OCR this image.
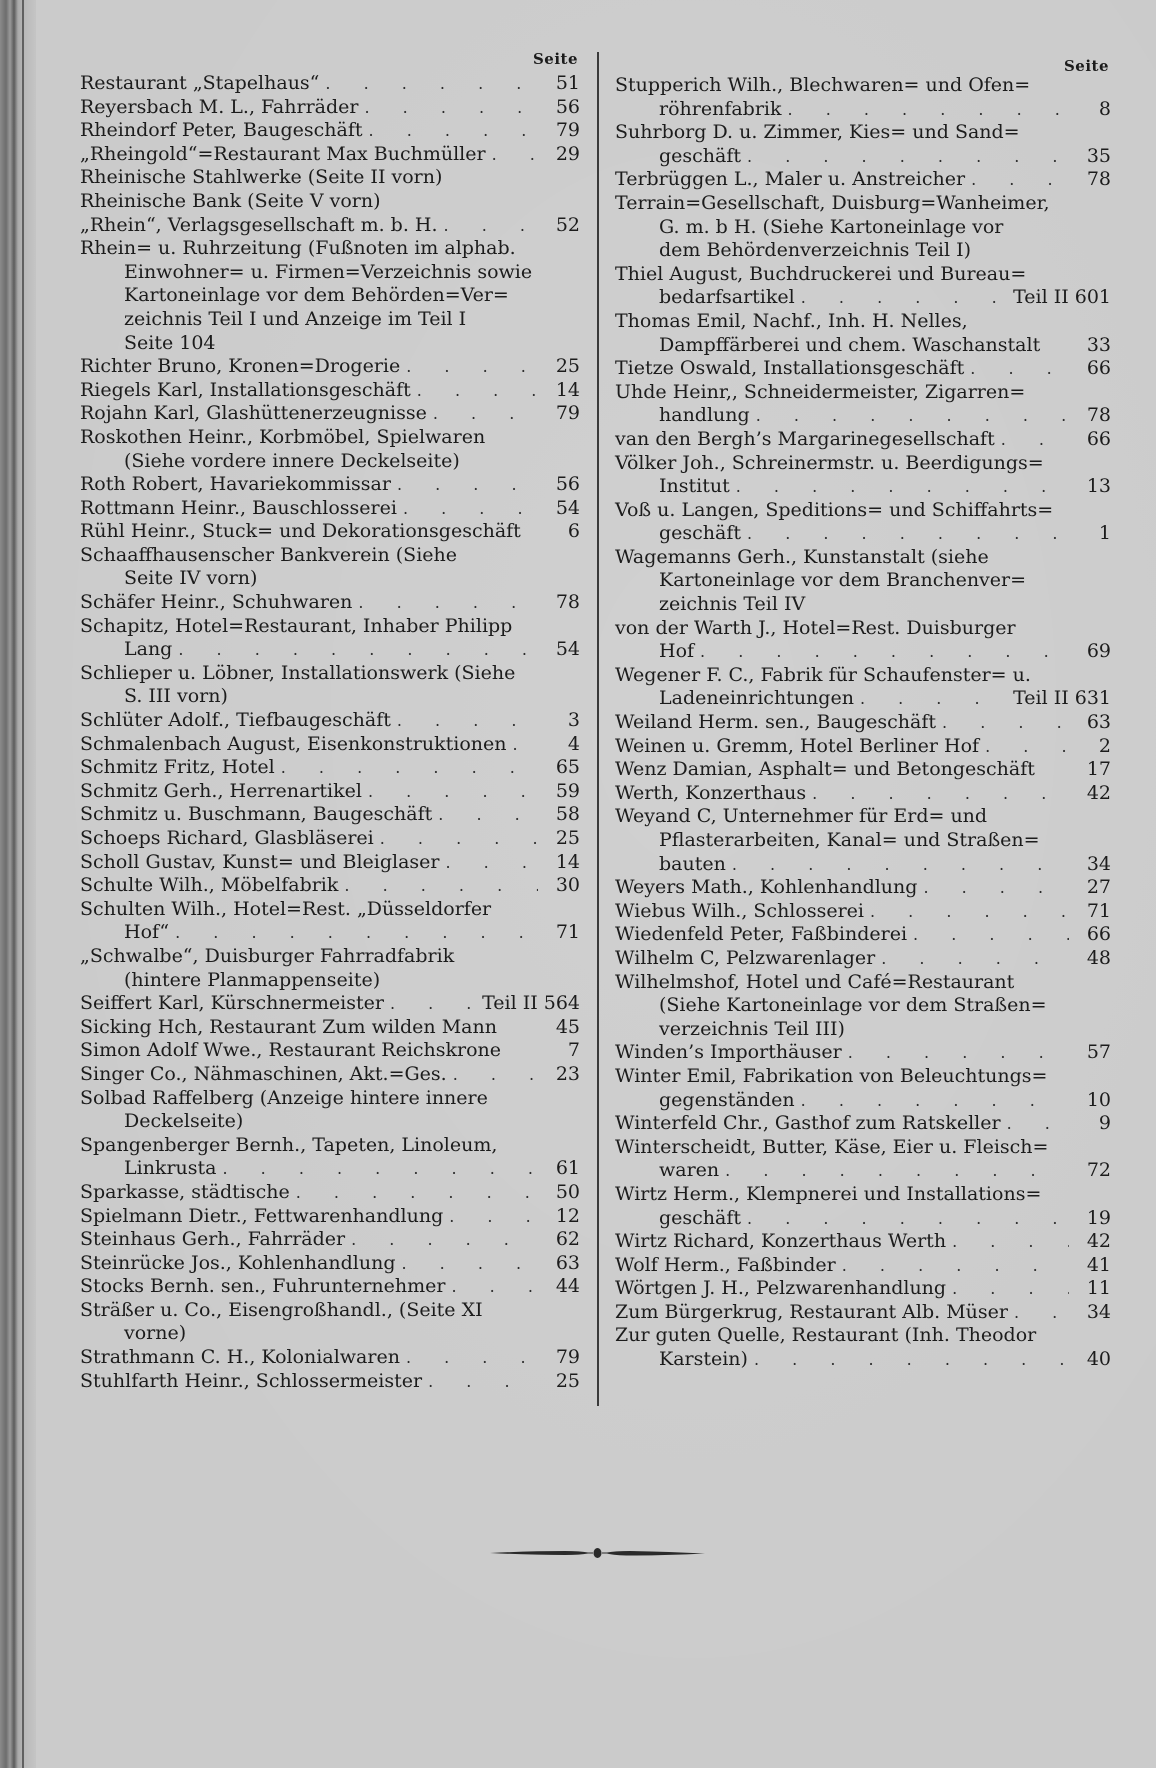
Seite
Restaurant „Stapelhaus“ . . .	51
Reyersbach M. L., Fahrräder . . .	56
Rheindorf Peter, Baugeschäft . . .	79
„Rheingold“=Restaurant Max Buchmüller . . .	29
Rheinische Stahlwerke (Seite II vorn)
Rheinische Bank (Seite V vorn)
„Rhein“, Verlagsgesellschaft m. b. H. . . .	52
Rhein= u. Ruhrzeitung (Fußnoten im alphab.
Einwohner= u. Firmen=Verzeichnis sowie
Kartoneinlage vor dem Behörden=Ver=
zeichnis Teil I und Anzeige im Teil I
Seite 104
Richter Bruno, Kronen=Drogerie . . .	25
Riegels Karl, Installationsgeschäft . . .	14
Rojahn Karl, Glashüttenerzeugnisse . . .	79
Roskothen Heinr., Korbmöbel, Spielwaren
(Siehe vordere innere Deckelseite)
Roth Robert, Havariekommissar . . .	56
Rottmann Heinr., Bauschlosserei . . .	54
Rühl Heinr., Stuck= und Dekorationsgeschäft	6
Schaaffhausenscher Bankverein (Siehe
Seite IV vorn)
Schäfer Heinr., Schuhwaren . . .	78
Schapitz, Hotel=Restaurant, Inhaber Philipp
Lang . . .	54
Schlieper u. Löbner, Installationswerk (Siehe
S. III vorn)
Schlüter Adolf., Tiefbaugeschäft . . .	3
Schmalenbach August, Eisenkonstruktionen . . .	4
Schmitz Fritz, Hotel . . .	65
Schmitz Gerh., Herrenartikel . . .	59
Schmitz u. Buschmann, Baugeschäft . . .	58
Schoeps Richard, Glasbläserei . . .	25
Scholl Gustav, Kunst= und Bleiglaser . . .	14
Schulte Wilh., Möbelfabrik . . .	30
Schulten Wilh., Hotel=Rest. „Düsseldorfer
Hof“ . . .	71
„Schwalbe“, Duisburger Fahrradfabrik
(hintere Planmappenseite)
Seiffert Karl, Kürschnermeister . . .	Teil II 564
Sicking Hch, Restaurant Zum wilden Mann	45
Simon Adolf Wwe., Restaurant Reichskrone	7
Singer Co., Nähmaschinen, Akt.=Ges. . . .	23
Solbad Raffelberg (Anzeige hintere innere
Deckelseite)
Spangenberger Bernh., Tapeten, Linoleum,
Linkrusta . . .	61
Sparkasse, städtische . . .	50
Spielmann Dietr., Fettwarenhandlung . . .	12
Steinhaus Gerh., Fahrräder . . .	62
Steinrücke Jos., Kohlenhandlung . . .	63
Stocks Bernh. sen., Fuhrunternehmer . . .	44
Sträßer u. Co., Eisengroßhandl., (Seite XI
vorne)
Strathmann C. H., Kolonialwaren . . .	79
Stuhlfarth Heinr., Schlossermeister . . .	25
Seite
Stupperich Wilh., Blechwaren= und Ofen=
röhrenfabrik . . .	8
Suhrborg D. u. Zimmer, Kies= und Sand=
geschäft . . .	35
Terbrüggen L., Maler u. Anstreicher . . .	78
Terrain=Gesellschaft, Duisburg=Wanheimer,
G. m. b H. (Siehe Kartoneinlage vor
dem Behördenverzeichnis Teil I)
Thiel August, Buchdruckerei und Bureau=
bedarfsartikel . . .	Teil II 601
Thomas Emil, Nachf., Inh. H. Nelles,
Dampffärberei und chem. Waschanstalt	33
Tietze Oswald, Installationsgeschäft . . .	66
Uhde Heinr,, Schneidermeister, Zigarren=
handlung . . .	78
van den Bergh’s Margarinegesellschaft . . .	66
Völker Joh., Schreinermstr. u. Beerdigungs=
Institut . . .	13
Voß u. Langen, Speditions= und Schiffahrts=
geschäft . . .	1
Wagemanns Gerh., Kunstanstalt (siehe
Kartoneinlage vor dem Branchenver=
zeichnis Teil IV
von der Warth J., Hotel=Rest. Duisburger
Hof . . .	69
Wegener F. C., Fabrik für Schaufenster= u.
Ladeneinrichtungen . . .	Teil II 631
Weiland Herm. sen., Baugeschäft . . .	63
Weinen u. Gremm, Hotel Berliner Hof . . .	2
Wenz Damian, Asphalt= und Betongeschäft	17
Werth, Konzerthaus . . .	42
Weyand C, Unternehmer für Erd= und
Pflasterarbeiten, Kanal= und Straßen=
bauten . . .	34
Weyers Math., Kohlenhandlung . . .	27
Wiebus Wilh., Schlosserei . . .	71
Wiedenfeld Peter, Faßbinderei . . .	66
Wilhelm C, Pelzwarenlager . . .	48
Wilhelmshof, Hotel und Café=Restaurant
(Siehe Kartoneinlage vor dem Straßen=
verzeichnis Teil III)
Winden’s Importhäuser . . .	57
Winter Emil, Fabrikation von Beleuchtungs=
gegenständen . . .	10
Winterfeld Chr., Gasthof zum Ratskeller . . .	9
Winterscheidt, Butter, Käse, Eier u. Fleisch=
waren . . .	72
Wirtz Herm., Klempnerei und Installations=
geschäft . . .	19
Wirtz Richard, Konzerthaus Werth . . .	42
Wolf Herm., Faßbinder . . .	41
Wörtgen J. H., Pelzwarenhandlung . . .	11
Zum Bürgerkrug, Restaurant Alb. Müser . . .	34
Zur guten Quelle, Restaurant (Inh. Theodor
Karstein) . . .	40
